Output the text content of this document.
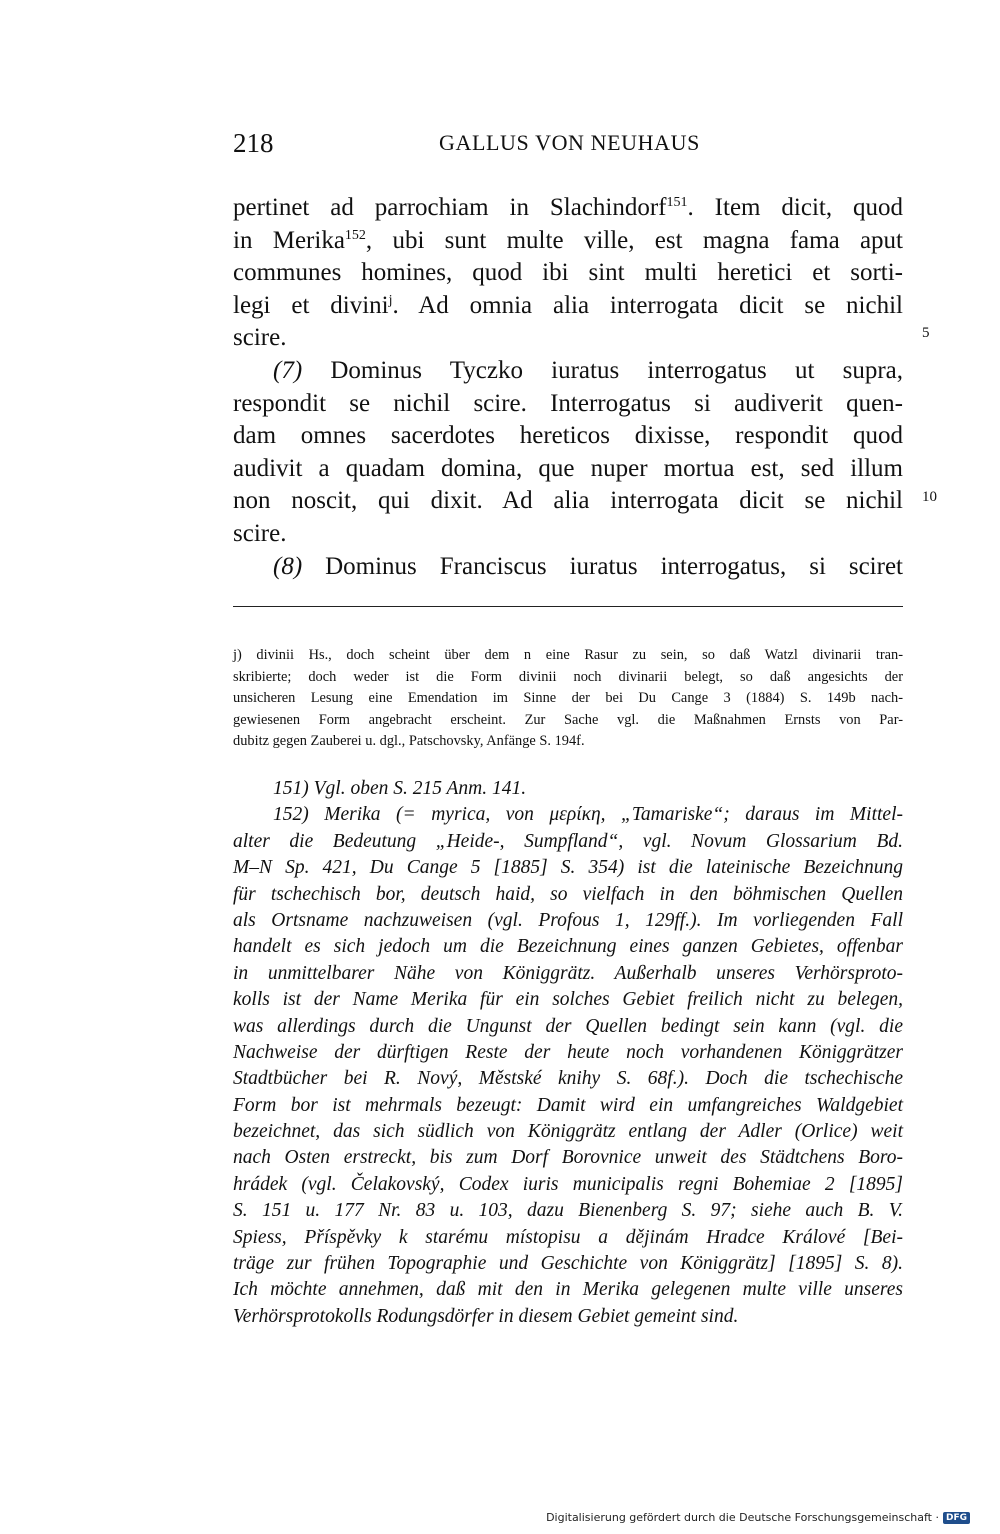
218	GALLUS VON NEUHAUS
pertinet ad parrochiam in Slachindorf$^{151}$. Item dicit, quod
in Merika$^{152}$, ubi sunt multe ville, est magna fama aput
communes homines, quod ibi sint multi heretici et sorti-
legi et divini$^j$. Ad omnia alia interrogata dicit se nichil
scire.
(7) Dominus Tyczko iuratus interrogatus ut supra,
respondit se nichil scire. Interrogatus si audiverit quen-
dam omnes sacerdotes hereticos dixisse, respondit quod
audivit a quadam domina, que nuper mortua est, sed illum
non noscit, qui dixit. Ad alia interrogata dicit se nichil
scire.
(8) Dominus Franciscus iuratus interrogatus, si sciret
5
10
j) divinii Hs., doch scheint über dem n eine Rasur zu sein, so daß Watzl divinarii tran-
skribierte; doch weder ist die Form divinii noch divinarii belegt, so daß angesichts der
unsicheren Lesung eine Emendation im Sinne der bei Du Cange 3 (1884) S. 149b nach-
gewiesenen Form angebracht erscheint. Zur Sache vgl. die Maßnahmen Ernsts von Par-
dubitz gegen Zauberei u. dgl., Patschovsky, Anfänge S. 194f.
151) Vgl. oben S. 215 Anm. 141.
152) Merika (= myrica, von μερίκη, „Tamariske“; daraus im Mittel-
alter die Bedeutung „Heide-, Sumpfland“, vgl. Novum Glossarium Bd.
M–N Sp. 421, Du Cange 5 [1885] S. 354) ist die lateinische Bezeichnung
für tschechisch bor, deutsch haid, so vielfach in den böhmischen Quellen
als Ortsname nachzuweisen (vgl. Profous 1, 129ff.). Im vorliegenden Fall
handelt es sich jedoch um die Bezeichnung eines ganzen Gebietes, offenbar
in unmittelbarer Nähe von Königgrätz. Außerhalb unseres Verhörsproto-
kolls ist der Name Merika für ein solches Gebiet freilich nicht zu belegen,
was allerdings durch die Ungunst der Quellen bedingt sein kann (vgl. die
Nachweise der dürftigen Reste der heute noch vorhandenen Königgrätzer
Stadtbücher bei R. Nový, Městské knihy S. 68f.). Doch die tschechische
Form bor ist mehrmals bezeugt: Damit wird ein umfangreiches Waldgebiet
bezeichnet, das sich südlich von Königgrätz entlang der Adler (Orlice) weit
nach Osten erstreckt, bis zum Dorf Borovnice unweit des Städtchens Boro-
hrádek (vgl. Čelakovský, Codex iuris municipalis regni Bohemiae 2 [1895]
S. 151 u. 177 Nr. 83 u. 103, dazu Bienenberg S. 97; siehe auch B. V.
Spiess, Příspěvky k starému místopisu a dějinám Hradce Králové [Bei-
träge zur frühen Topographie und Geschichte von Königgrätz] [1895] S. 8).
Ich möchte annehmen, daß mit den in Merika gelegenen multe ville unseres
Verhörsprotokolls Rodungsdörfer in diesem Gebiet gemeint sind.
Digitalisierung gefördert durch die Deutsche Forschungsgemeinschaft · DFG
